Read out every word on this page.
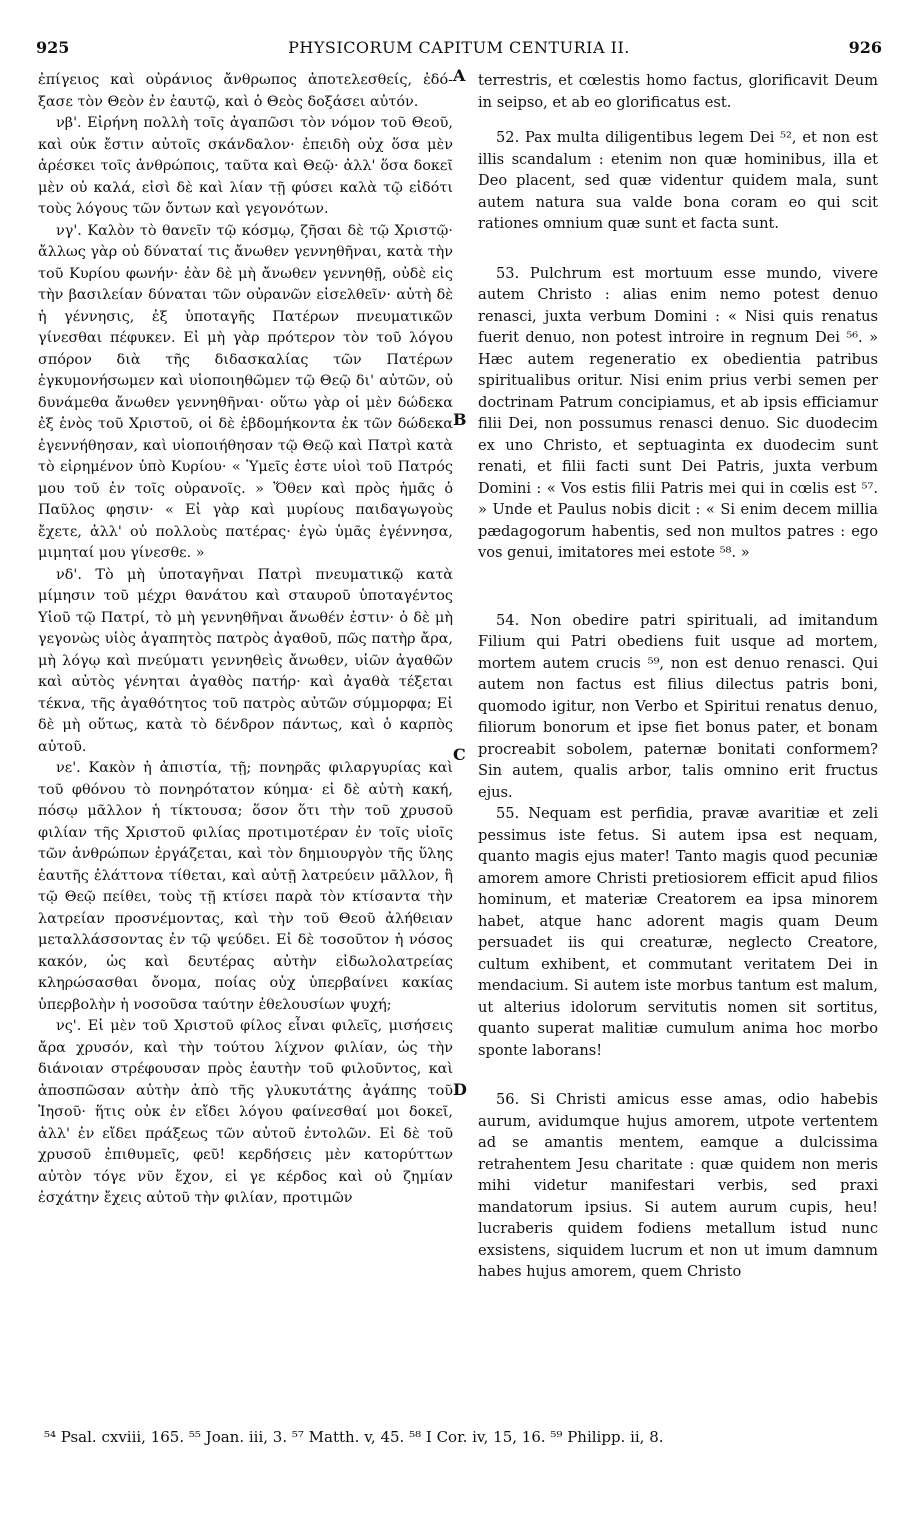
925	PHYSICORUM CAPITUM CENTURIA II.	926

ἐπίγειος καὶ οὐράνιος ἄνθρωπος ἀποτελεσθείς, ἐδό-ξασε τὸν Θεὸν ἐν ἑαυτῷ, καὶ ὁ Θεὸς δοξάσει αὐτόν.

νβ'. Εἰρήνη πολλὴ τοῖς ἀγαπῶσι τὸν νόμον τοῦ Θεοῦ, καὶ οὐκ ἔστιν αὐτοῖς σκάνδαλον· ἐπειδὴ οὐχ ὅσα μὲν ἀρέσκει τοῖς ἀνθρώποις, ταῦτα καὶ Θεῷ· ἀλλ' ὅσα δοκεῖ μὲν οὐ καλά, εἰσὶ δὲ καὶ λίαν τῇ φύσει καλὰ τῷ εἰδότι τοὺς λόγους τῶν ὄντων καὶ γεγονότων.

νγ'. Καλὸν τὸ θανεῖν τῷ κόσμῳ, ζῆσαι δὲ τῷ Χριστῷ· ἄλλως γὰρ οὐ δύναταί τις ἄνωθεν γεννηθῆναι, κατὰ τὴν τοῦ Κυρίου φωνήν· ἐὰν δὲ μὴ ἄνωθεν γεννηθῇ, οὐδὲ εἰς τὴν βασιλείαν δύναται τῶν οὐρανῶν εἰσελθεῖν· αὐτὴ δὲ ἡ γέννησις, ἐξ ὑποταγῆς Πατέρων πνευματικῶν γίνεσθαι πέφυκεν. Εἰ μὴ γὰρ πρότερον τὸν τοῦ λόγου σπόρον διὰ τῆς διδασκαλίας τῶν Πατέρων ἐγκυμονήσωμεν καὶ υἱοποιηθῶμεν τῷ Θεῷ δι' αὐτῶν, οὐ δυνάμεθα ἄνωθεν γεννηθῆναι· οὕτω γὰρ οἱ μὲν δώδεκα ἐξ ἑνὸς τοῦ Χριστοῦ, οἱ δὲ ἑβδομήκοντα ἐκ τῶν δώδεκα ἐγεννήθησαν, καὶ υἱοποιήθησαν τῷ Θεῷ καὶ Πατρὶ κατὰ τὸ εἰρημένον ὑπὸ Κυρίου· « Ὑμεῖς ἐστε υἱοὶ τοῦ Πατρός μου τοῦ ἐν τοῖς οὐρανοῖς. » Ὅθεν καὶ πρὸς ἡμᾶς ὁ Παῦλος φησιν· « Εἰ γὰρ καὶ μυρίους παιδαγωγοὺς ἔχετε, ἀλλ' οὐ πολλοὺς πατέρας· ἐγὼ ὑμᾶς ἐγέννησα, μιμηταί μου γίνεσθε. »

νδ'. Τὸ μὴ ὑποταγῆναι Πατρὶ πνευματικῷ κατὰ μίμησιν τοῦ μέχρι θανάτου καὶ σταυροῦ ὑποταγέντος Υἱοῦ τῷ Πατρί, τὸ μὴ γεννηθῆναι ἄνωθέν ἐστιν· ὁ δὲ μὴ γεγονὼς υἱὸς ἀγαπητὸς πατρὸς ἀγαθοῦ, πῶς πατὴρ ἄρα, μὴ λόγῳ καὶ πνεύματι γεννηθεὶς ἄνωθεν, υἱῶν ἀγαθῶν καὶ αὐτὸς γένηται ἀγαθὸς πατήρ· καὶ ἀγαθὰ τέξεται τέκνα, τῆς ἀγαθότητος τοῦ πατρὸς αὐτῶν σύμμορφα; Εἰ δὲ μὴ οὕτως, κατὰ τὸ δένδρον πάντως, καὶ ὁ καρπὸς αὐτοῦ.

νε'. Κακὸν ἡ ἀπιστία, τῇ; πονηρᾶς φιλαργυρίας καὶ τοῦ φθόνου τὸ πονηρότατον κύημα· εἰ δὲ αὐτὴ κακή, πόσῳ μᾶλλον ἡ τίκτουσα; ὅσον ὅτι τὴν τοῦ χρυσοῦ φιλίαν τῆς Χριστοῦ φιλίας προτιμοτέραν ἐν τοῖς υἱοῖς τῶν ἀνθρώπων ἐργάζεται, καὶ τὸν δημιουργὸν τῆς ὕλης ἑαυτῆς ἐλάττονα τίθεται, καὶ αὐτῇ λατρεύειν μᾶλλον, ἢ τῷ Θεῷ πείθει, τοὺς τῇ κτίσει παρὰ τὸν κτίσαντα τὴν λατρείαν προσνέμοντας, καὶ τὴν τοῦ Θεοῦ ἀλήθειαν μεταλλάσσοντας ἐν τῷ ψεύδει. Εἰ δὲ τοσοῦτον ἡ νόσος κακόν, ὡς καὶ δευτέρας αὐτὴν εἰδωλολατρείας κληρώσασθαι ὄνομα, ποίας οὐχ ὑπερβαίνει κακίας ὑπερβολὴν ἡ νοσοῦσα ταύτην ἐθελουσίων ψυχή;

νς'. Εἰ μὲν τοῦ Χριστοῦ φίλος εἶναι φιλεῖς, μισήσεις ἄρα χρυσόν, καὶ τὴν τούτου λίχνον φιλίαν, ὡς τὴν διάνοιαν στρέφουσαν πρὸς ἑαυτὴν τοῦ φιλοῦντος, καὶ ἀποσπῶσαν αὐτὴν ἀπὸ τῆς γλυκυτάτης ἀγάπης τοῦ Ἰησοῦ· ἥτις οὐκ ἐν εἴδει λόγου φαίνεσθαί μοι δοκεῖ, ἀλλ' ἐν εἴδει πράξεως τῶν αὐτοῦ ἐντολῶν. Εἰ δὲ τοῦ χρυσοῦ ἐπιθυμεῖς, φεῦ! κερδήσεις μὲν κατορύττων αὐτὸν τόγε νῦν ἔχον, εἰ γε κέρδος καὶ οὐ ζημίαν ἐσχάτην ἔχεις αὐτοῦ τὴν φιλίαν, προτιμῶν

A
B
C
D

terrestris, et cœlestis homo factus, glorificavit Deum in seipso, et ab eo glorificatus est.

52. Pax multa diligentibus legem Dei ⁵², et non est illis scandalum : etenim non quæ hominibus, illa et Deo placent, sed quæ videntur quidem mala, sunt autem natura sua valde bona coram eo qui scit rationes omnium quæ sunt et facta sunt.

53. Pulchrum est mortuum esse mundo, vivere autem Christo : alias enim nemo potest denuo renasci, juxta verbum Domini : « Nisi quis renatus fuerit denuo, non potest introire in regnum Dei ⁵⁶. » Hæc autem regeneratio ex obedientia patribus spiritualibus oritur. Nisi enim prius verbi semen per doctrinam Patrum concipiamus, et ab ipsis efficiamur filii Dei, non possumus renasci denuo. Sic duodecim ex uno Christo, et septuaginta ex duodecim sunt renati, et filii facti sunt Dei Patris, juxta verbum Domini : « Vos estis filii Patris mei qui in cœlis est ⁵⁷. » Unde et Paulus nobis dicit : « Si enim decem millia pædagogorum habentis, sed non multos patres : ego vos genui, imitatores mei estote ⁵⁸. »

54. Non obedire patri spirituali, ad imitandum Filium qui Patri obediens fuit usque ad mortem, mortem autem crucis ⁵⁹, non est denuo renasci. Qui autem non factus est filius dilectus patris boni, quomodo igitur, non Verbo et Spiritui renatus denuo, filiorum bonorum et ipse fiet bonus pater, et bonam procreabit sobolem, paternæ bonitati conformem? Sin autem, qualis arbor, talis omnino erit fructus ejus.

55. Nequam est perfidia, pravæ avaritiæ et zeli pessimus iste fetus. Si autem ipsa est nequam, quanto magis ejus mater! Tanto magis quod pecuniæ amorem amore Christi pretiosiorem efficit apud filios hominum, et materiæ Creatorem ea ipsa minorem habet, atque hanc adorent magis quam Deum persuadet iis qui creaturæ, neglecto Creatore, cultum exhibent, et commutant veritatem Dei in mendacium. Si autem iste morbus tantum est malum, ut alterius idolorum servitutis nomen sit sortitus, quanto superat malitiæ cumulum anima hoc morbo sponte laborans!

56. Si Christi amicus esse amas, odio habebis aurum, avidumque hujus amorem, utpote vertentem ad se amantis mentem, eamque a dulcissima retrahentem Jesu charitate : quæ quidem non meris mihi videtur manifestari verbis, sed praxi mandatorum ipsius. Si autem aurum cupis, heu! lucraberis quidem fodiens metallum istud nunc exsistens, siquidem lucrum et non ut imum damnum habes hujus amorem, quem Christo

⁵⁴ Psal. cxviii, 165. ⁵⁵ Joan. iii, 3. ⁵⁷ Matth. v, 45. ⁵⁸ I Cor. iv, 15, 16. ⁵⁹ Philipp. ii, 8.
